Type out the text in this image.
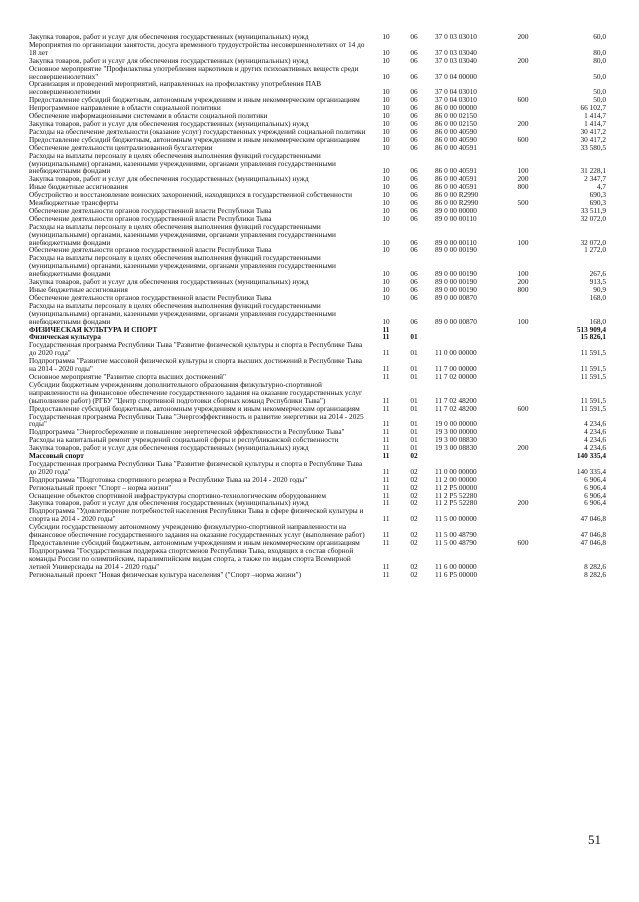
Закупка товаров, работ и услуг для обеспечения государственных (муниципальных) нужд	10	06	37 0 03 03010	200	60,0
Мероприятия по организации занятости, досуга временного трудоустройства несовершеннолетних от 14 до 18 лет	10	06	37 0 03 03040	80,0
Закупка товаров, работ и услуг для обеспечения государственных (муниципальных) нужд	10	06	37 0 03 03040	200	80,0
Основное мероприятие "Профилактика употребления наркотиков и других психоактивных веществ среди несовершеннолетних"	10	06	37 0 04 00000	50,0
Организация и проведений мероприятий, направленных на профилактику употребления ПАВ несовершеннолетними	10	06	37 0 04 03010	50,0
Предоставление субсидий бюджетным, автономным учреждениям и иным некоммерческим организациям	10	06	37 0 04 03010	600	50,0
Непрограммное направление в области социальной политики	10	06	86 0 00 00000	66 102,7
Обеспечение информационными системами в области социальной политики	10	06	86 0 00 02150	1 414,7
Закупка товаров, работ и услуг для обеспечения государственных (муниципальных) нужд	10	06	86 0 00 02150	200	1 414,7
Расходы на обеспечение деятельности (оказание услуг) государственных учреждений социальной политики	10	06	86 0 00 40590	30 417,2
Предоставление субсидий бюджетным, автономным учреждениям и иным некоммерческим организациям	10	06	86 0 00 40590	600	30 417,2
Обеспечение деятельности централизованной бухгалтерии	10	06	86 0 00 40591	33 580,5
Расходы на выплаты персоналу в целях обеспечения выполнения функций государственными (муниципальными) органами, казенными учреждениями, органами управления государственными внебюджетными фондами	10	06	86 0 00 40591	100	31 228,1
Закупка товаров, работ и услуг для обеспечения государственных (муниципальных) нужд	10	06	86 0 00 40591	200	2 347,7
Иные бюджетные ассигнования	10	06	86 0 00 40591	800	4,7
Обустройство и восстановление воинских захоронений, находящихся в государственной собственности	10	06	86 0 00 R2990	690,3
Межбюджетные трансферты	10	06	86 0 00 R2990	500	690,3
Обеспечение деятельности органов государственной власти Республики Тыва	10	06	89 0 00 00000	33 511,9
Обеспечение деятельности органов государственной власти Республики Тыва	10	06	89 0 00 00110	32 072,0
Расходы на выплаты персоналу в целях обеспечения выполнения функций государственными (муниципальными) органами, казенными учреждениями, органами управления государственными внебюджетными фондами	10	06	89 0 00 00110	100	32 072,0
Обеспечение деятельности органов государственной власти Республики Тыва	10	06	89 0 00 00190	1 272,0
Расходы на выплаты персоналу в целях обеспечения выполнения функций государственными (муниципальными) органами, казенными учреждениями, органами управления государственными внебюджетными фондами	10	06	89 0 00 00190	100	267,6
Закупка товаров, работ и услуг для обеспечения государственных (муниципальных) нужд	10	06	89 0 00 00190	200	913,5
Иные бюджетные ассигнования	10	06	89 0 00 00190	800	90,9
Обеспечение деятельности органов государственной власти Республики Тыва	10	06	89 0 00 00870	168,0
Расходы на выплаты персоналу в целях обеспечения выполнения функций государственными (муниципальными) органами, казенными учреждениями, органами управления государственными внебюджетными фондами	10	06	89 0 00 00870	100	168,0
ФИЗИЧЕСКАЯ КУЛЬТУРА И СПОРТ	11	513 909,4
Физическая культура	11	01	15 826,1
Государственная программа Республики Тыва "Развитие физической культуры и спорта в Республике Тыва до 2020 года"	11	01	11 0 00 00000	11 591,5
Подпрограмма "Развитие массовой физической культуры и спорта высших достижений в Республике Тыва на 2014 - 2020 годы"	11	01	11 7 00 00000	11 591,5
Основное мероприятие "Развитие спорта высших достижений"	11	01	11 7 02 00000	11 591,5
Субсидии бюджетным учреждениям дополнительного образования физкультурно-спортивной направленности на финансовое обеспечение государственного задания на оказание государственных услуг (выполнение работ) (РГБУ "Центр спортивной подготовки сборных команд Республики Тыва")	11	01	11 7 02 48200	11 591,5
Предоставление субсидий бюджетным, автономным учреждениям и иным некоммерческим организациям	11	01	11 7 02 48200	600	11 591,5
Государственная программа Республики Тыва "Энергоэффективность и развитие энергетики на 2014 - 2025 годы"	11	01	19 0 00 00000	4 234,6
Подпрограмма "Энергосбережение и повышение энергетической эффективности в Республике Тыва"	11	01	19 3 00 00000	4 234,6
Расходы на капитальный ремонт учреждений социальной сферы и республиканской собственности	11	01	19 3 00 08830	4 234,6
Закупка товаров, работ и услуг для обеспечения государственных (муниципальных) нужд	11	01	19 3 00 08830	200	4 234,6
Массовый спорт	11	02	140 335,4
Государственная программа Республики Тыва "Развитие физической культуры и спорта в Республике Тыва до 2020 года"	11	02	11 0 00 00000	140 335,4
Подпрограмма "Подготовка спортивного резерва в Республике Тыва на 2014 - 2020 годы"	11	02	11 2 00 00000	6 906,4
Региональный проект "Спорт – норма жизни"	11	02	11 2 P5 00000	6 906,4
Оснащение объектов спортивной инфраструктуры спортивно-технологическим оборудованием	11	02	11 2 P5 52280	6 906,4
Закупка товаров, работ и услуг для обеспечения государственных (муниципальных) нужд	11	02	11 2 P5 52280	200	6 906,4
Подпрограмма "Удовлетворение потребностей населения Республики Тыва в сфере физической культуры и спорта на 2014 - 2020 годы"	11	02	11 5 00 00000	47 046,8
Субсидии государственному автономному учреждению физкультурно-спортивной направленности на финансовое обеспечение государственного задания на оказание государственных услуг (выполнение работ)	11	02	11 5 00 48790	47 046,8
Предоставление субсидий бюджетным, автономным учреждениям и иным некоммерческим организациям	11	02	11 5 00 48790	600	47 046,8
Подпрограмма "Государственная поддержка спортсменов Республики Тыва, входящих в состав сборной команды России по олимпийским, паралимпийским видам спорта, а также по видам спорта Всемирной летней Универсиады на 2014 - 2020 годы"	11	02	11 6 00 00000	8 282,6
Региональный проект "Новая физическая культура населения" ("Спорт –норма жизни")	11	02	11 6 P5 00000	8 282,6
51
